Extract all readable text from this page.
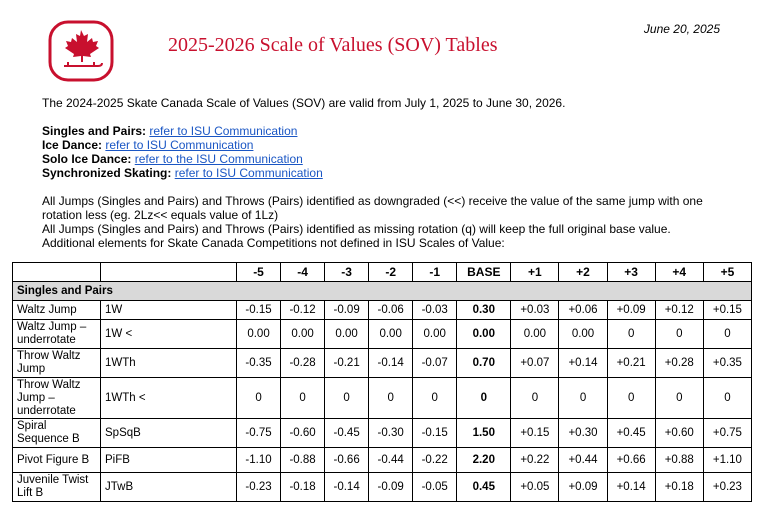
June 20, 2025
2025-2026 Scale of Values (SOV) Tables
The 2024-2025 Skate Canada Scale of Values (SOV) are valid from July 1, 2025 to June 30, 2026.
Singles and Pairs: refer to ISU Communication
Ice Dance: refer to ISU Communication
Solo Ice Dance: refer to the ISU Communication
Synchronized Skating: refer to ISU Communication
All Jumps (Singles and Pairs) and Throws (Pairs) identified as downgraded (<<) receive the value of the same jump with one rotation less (eg. 2Lz<< equals value of 1Lz)
All Jumps (Singles and Pairs) and Throws (Pairs) identified as missing rotation (q) will keep the full original base value.
Additional elements for Skate Canada Competitions not defined in ISU Scales of Value:
		-5	-4	-3	-2	-1	BASE	+1	+2	+3	+4	+5
Singles and Pairs												
Waltz Jump	1W	-0.15	-0.12	-0.09	-0.06	-0.03	0.30	+0.03	+0.06	+0.09	+0.12	+0.15
Waltz Jump – underrotate	1W <	0.00	0.00	0.00	0.00	0.00	0.00	0.00	0.00	0	0	0
Throw Waltz Jump	1WTh	-0.35	-0.28	-0.21	-0.14	-0.07	0.70	+0.07	+0.14	+0.21	+0.28	+0.35
Throw Waltz Jump – underrotate	1WTh <	0	0	0	0	0	0	0	0	0	0	0
Spiral Sequence B	SpSqB	-0.75	-0.60	-0.45	-0.30	-0.15	1.50	+0.15	+0.30	+0.45	+0.60	+0.75
Pivot Figure B	PiFB	-1.10	-0.88	-0.66	-0.44	-0.22	2.20	+0.22	+0.44	+0.66	+0.88	+1.10
Juvenile Twist Lift B	JTwB	-0.23	-0.18	-0.14	-0.09	-0.05	0.45	+0.05	+0.09	+0.14	+0.18	+0.23
